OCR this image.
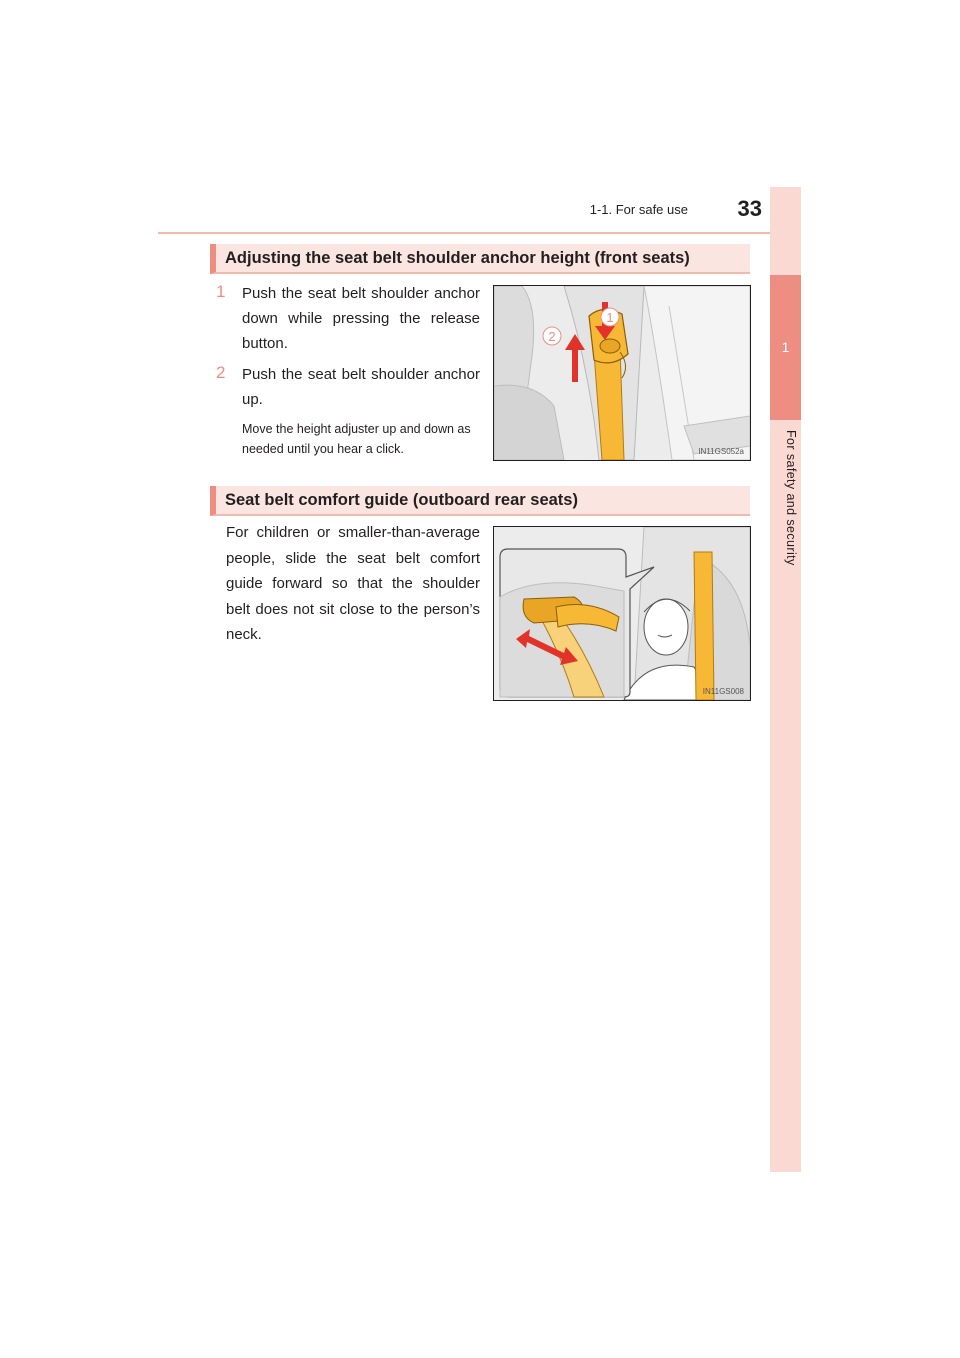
1-1. For safe use	33
1
For safety and security
Adjusting the seat belt shoulder anchor height (front seats)
1	Push the seat belt shoulder anchor down while pressing the release button.
2	Push the seat belt shoulder anchor up.
Move the height adjuster up and down as needed until you hear a click.
1
2
IN11GS052a
Seat belt comfort guide (outboard rear seats)
For children or smaller-than-average people, slide the seat belt comfort guide forward so that the shoulder belt does not sit close to the person’s neck.
IN11GS008
